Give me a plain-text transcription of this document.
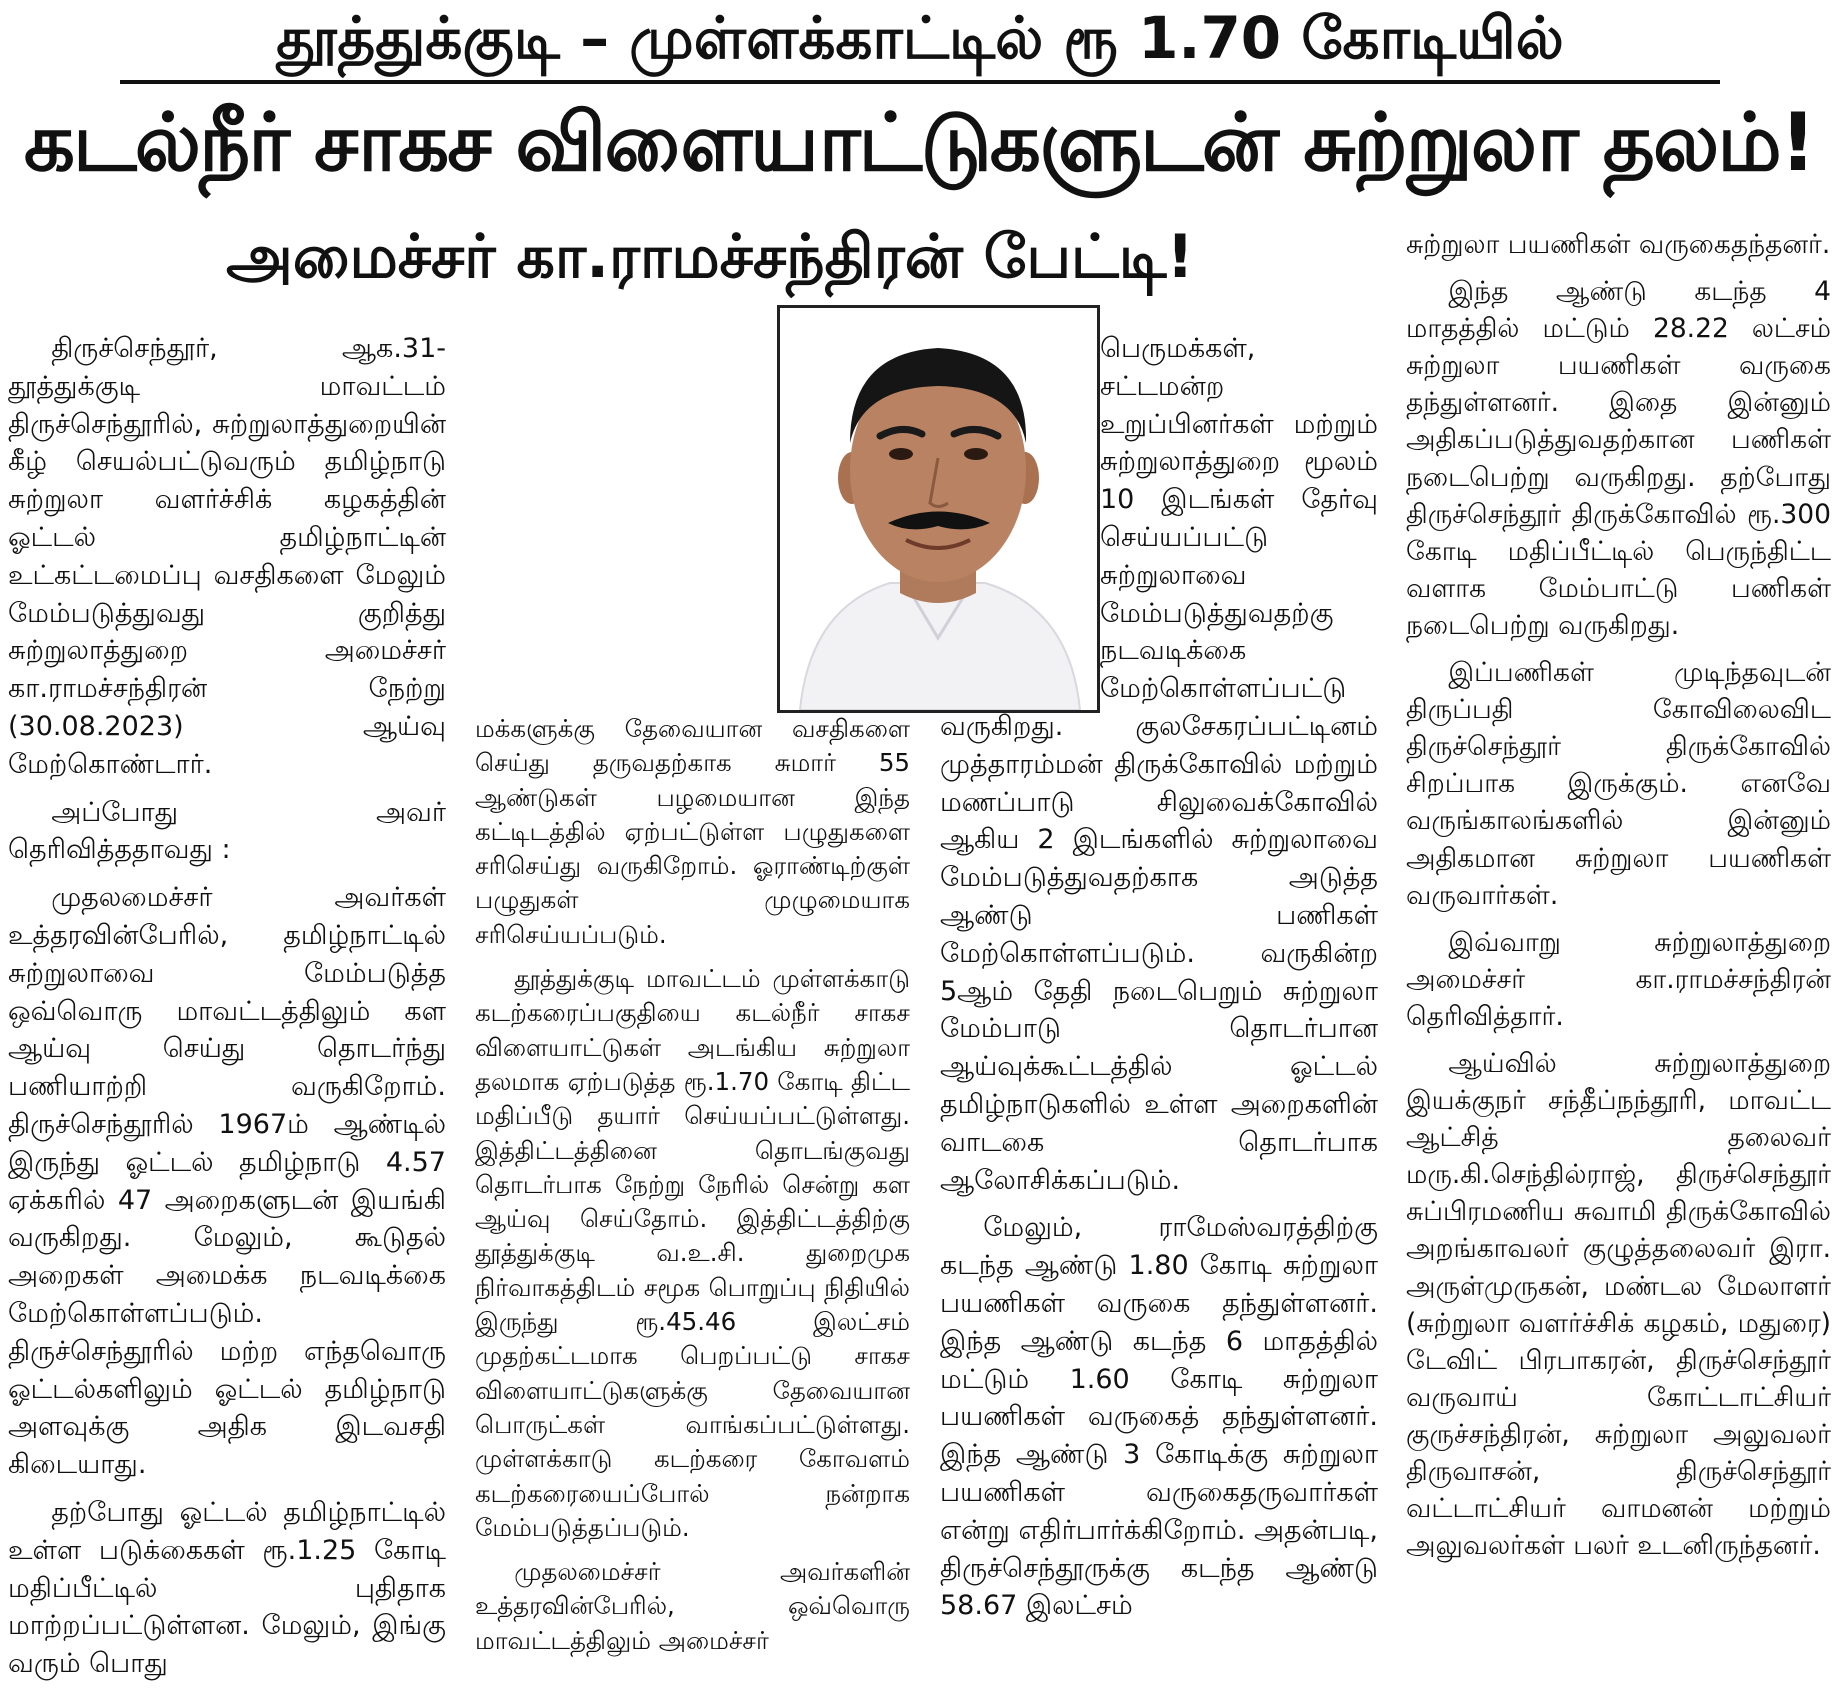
தூத்துக்குடி – முள்ளக்காட்டில் ரூ 1.70 கோடியில்
கடல்நீர் சாகச விளையாட்டுகளுடன் சுற்றுலா தலம்!
அமைச்சர் கா.ராமச்சந்திரன் பேட்டி!

திருச்செந்தூர், ஆக.31- தூத்துக்குடி மாவட்டம் திருச்செந்தூரில், சுற்றுலாத்துறையின் கீழ் செயல்பட்டுவரும் தமிழ்நாடு சுற்றுலா வளர்ச்சிக் கழகத்தின் ஓட்டல் தமிழ்நாட்டின் உட்கட்டமைப்பு வசதிகளை மேலும் மேம்படுத்துவது குறித்து சுற்றுலாத்துறை அமைச்சர் கா.ராமச்சந்திரன் நேற்று (30.08.2023) ஆய்வு மேற்கொண்டார்.

அப்போது அவர் தெரிவித்ததாவது :

முதலமைச்சர் அவர்கள் உத்தரவின்பேரில், தமிழ்நாட்டில் சுற்றுலாவை மேம்படுத்த ஒவ்வொரு மாவட்டத்திலும் கள ஆய்வு செய்து தொடர்ந்து பணியாற்றி வருகிறோம். திருச்செந்தூரில் 1967ம் ஆண்டில் இருந்து ஓட்டல் தமிழ்நாடு 4.57 ஏக்கரில் 47 அறைகளுடன் இயங்கி வருகிறது. மேலும், கூடுதல் அறைகள் அமைக்க நடவடிக்கை மேற்கொள்ளப்படும். திருச்செந்தூரில் மற்ற எந்தவொரு ஓட்டல்களிலும் ஓட்டல் தமிழ்நாடு அளவுக்கு அதிக இடவசதி கிடையாது.

தற்போது ஓட்டல் தமிழ்நாட்டில் உள்ள படுக்கைகள் ரூ.1.25 கோடி மதிப்பீட்டில் புதிதாக மாற்றப்பட்டுள்ளன. மேலும், இங்கு வரும் பொது

மக்களுக்கு தேவையான வசதிகளை செய்து தருவதற்காக சுமார் 55 ஆண்டுகள் பழமையான இந்த கட்டிடத்தில் ஏற்பட்டுள்ள பழுதுகளை சரிசெய்து வருகிறோம். ஓராண்டிற்குள் பழுதுகள் முழுமையாக சரிசெய்யப்படும்.

தூத்துக்குடி மாவட்டம் முள்ளக்காடு கடற்கரைப்பகுதியை கடல்நீர் சாகச விளையாட்டுகள் அடங்கிய சுற்றுலா தலமாக ஏற்படுத்த ரூ.1.70 கோடி திட்ட மதிப்பீடு தயார் செய்யப்பட்டுள்ளது. இத்திட்டத்தினை தொடங்குவது தொடர்பாக நேற்று நேரில் சென்று கள ஆய்வு செய்தோம். இத்திட்டத்திற்கு தூத்துக்குடி வ.உ.சி. துறைமுக நிர்வாகத்திடம் சமூக பொறுப்பு நிதியில் இருந்து ரூ.45.46 இலட்சம் முதற்கட்டமாக பெறப்பட்டு சாகச விளையாட்டுகளுக்கு தேவையான பொருட்கள் வாங்கப்பட்டுள்ளது. முள்ளக்காடு கடற்கரை கோவளம் கடற்கரையைப்போல் நன்றாக மேம்படுத்தப்படும்.

முதலமைச்சர் அவர்களின் உத்தரவின்பேரில், ஒவ்வொரு மாவட்டத்திலும் அமைச்சர்

பெருமக்கள், சட்டமன்ற உறுப்பினர்கள் மற்றும் சுற்றுலாத்துறை மூலம் 10 இடங்கள் தேர்வு செய்யப்பட்டு சுற்றுலாவை மேம்படுத்துவதற்கு நடவடிக்கை மேற்கொள்ளப்பட்டு வருகிறது. குலசேகரப்பட்டினம் முத்தாரம்மன் திருக்கோவில் மற்றும் மணப்பாடு சிலுவைக்கோவில் ஆகிய 2 இடங்களில் சுற்றுலாவை மேம்படுத்துவதற்காக அடுத்த ஆண்டு பணிகள் மேற்கொள்ளப்படும். வருகின்ற 5ஆம் தேதி நடைபெறும் சுற்றுலா மேம்பாடு தொடர்பான ஆய்வுக்கூட்டத்தில் ஓட்டல் தமிழ்நாடுகளில் உள்ள அறைகளின் வாடகை தொடர்பாக ஆலோசிக்கப்படும்.

மேலும், ராமேஸ்வரத்திற்கு கடந்த ஆண்டு 1.80 கோடி சுற்றுலா பயணிகள் வருகை தந்துள்ளனர். இந்த ஆண்டு கடந்த 6 மாதத்தில் மட்டும் 1.60 கோடி சுற்றுலா பயணிகள் வருகைத் தந்துள்ளனர். இந்த ஆண்டு 3 கோடிக்கு சுற்றுலா பயணிகள் வருகைதருவார்கள் என்று எதிர்பார்க்கிறோம். அதன்படி, திருச்செந்தூருக்கு கடந்த ஆண்டு 58.67 இலட்சம்

சுற்றுலா பயணிகள் வருகைதந்தனர்.

இந்த ஆண்டு கடந்த 4 மாதத்தில் மட்டும் 28.22 லட்சம் சுற்றுலா பயணிகள் வருகை தந்துள்ளனர். இதை இன்னும் அதிகப்படுத்துவதற்கான பணிகள் நடைபெற்று வருகிறது. தற்போது திருச்செந்தூர் திருக்கோவில் ரூ.300 கோடி மதிப்பீட்டில் பெருந்திட்ட வளாக மேம்பாட்டு பணிகள் நடைபெற்று வருகிறது.

இப்பணிகள் முடிந்தவுடன் திருப்பதி கோவிலைவிட திருச்செந்தூர் திருக்கோவில் சிறப்பாக இருக்கும். எனவே வருங்காலங்களில் இன்னும் அதிகமான சுற்றுலா பயணிகள் வருவார்கள்.

இவ்வாறு சுற்றுலாத்துறை அமைச்சர் கா.ராமச்சந்திரன் தெரிவித்தார்.

ஆய்வில் சுற்றுலாத்துறை இயக்குநர் சந்தீப்நந்தூரி, மாவட்ட ஆட்சித் தலைவர் மரு.கி.செந்தில்ராஜ், திருச்செந்தூர் சுப்பிரமணிய சுவாமி திருக்கோவில் அறங்காவலர் குழுத்தலைவர் இரா. அருள்முருகன், மண்டல மேலாளர் (சுற்றுலா வளர்ச்சிக் கழகம், மதுரை) டேவிட் பிரபாகரன், திருச்செந்தூர் வருவாய் கோட்டாட்சியர் குருச்சந்திரன், சுற்றுலா அலுவலர் திருவாசன், திருச்செந்தூர் வட்டாட்சியர் வாமனன் மற்றும் அலுவலர்கள் பலர் உடனிருந்தனர்.
